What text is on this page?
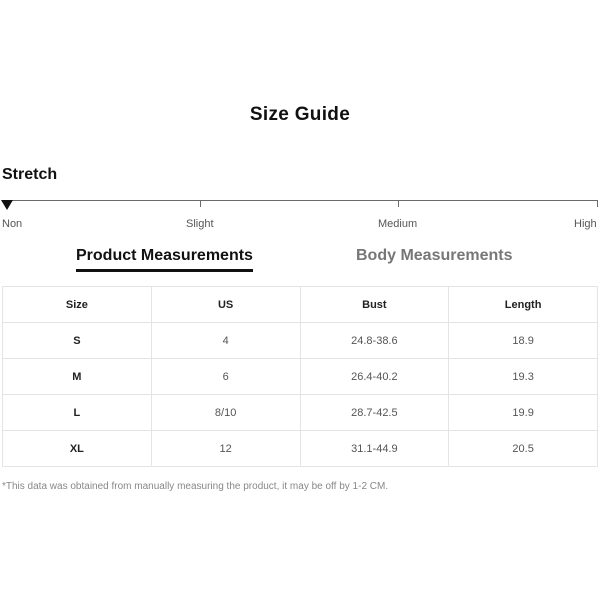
Size Guide
Stretch
Non	Slight	Medium	High
Product Measurements	Body Measurements
Size	US	Bust	Length
S	4	24.8-38.6	18.9
M	6	26.4-40.2	19.3
L	8/10	28.7-42.5	19.9
XL	12	31.1-44.9	20.5
*This data was obtained from manually measuring the product, it may be off by 1-2 CM.
